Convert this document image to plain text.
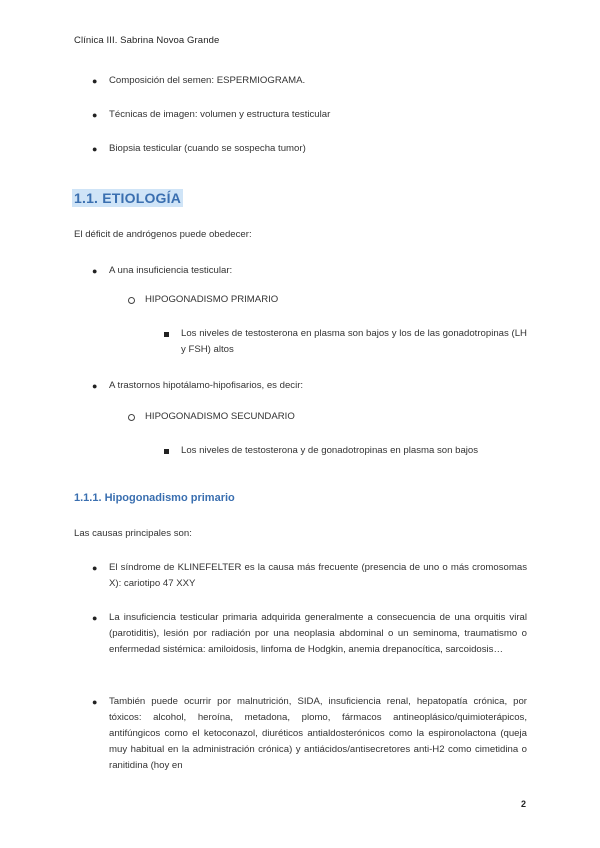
Clínica III. Sabrina Novoa Grande
● Composición del semen: ESPERMIOGRAMA.
● Técnicas de imagen: volumen y estructura testicular
● Biopsia testicular (cuando se sospecha tumor)
1.1. ETIOLOGÍA
El déficit de andrógenos puede obedecer:
● A una insuficiencia testicular:
HIPOGONADISMO PRIMARIO
Los niveles de testosterona en plasma son bajos y los de las gonadotropinas (LH y FSH) altos
● A trastornos hipotálamo-hipofisarios, es decir:
HIPOGONADISMO SECUNDARIO
Los niveles de testosterona y de gonadotropinas en plasma son bajos
1.1.1. Hipogonadismo primario
Las causas principales son:
● El síndrome de KLINEFELTER es la causa más frecuente (presencia de uno o más cromosomas X): cariotipo 47 XXY
● La insuficiencia testicular primaria adquirida generalmente a consecuencia de una orquitis viral (parotiditis), lesión por radiación por una neoplasia abdominal o un seminoma, traumatismo o enfermedad sistémica: amiloidosis, linfoma de Hodgkin, anemia drepanocítica, sarcoidosis…
● También puede ocurrir por malnutrición, SIDA, insuficiencia renal, hepatopatía crónica, por tóxicos: alcohol, heroína, metadona, plomo, fármacos antineoplásico/quimioterápicos, antifúngicos como el ketoconazol, diuréticos antialdosterónicos como la espironolactona (queja muy habitual en la administración crónica) y antiácidos/antisecretores anti-H2 como cimetidina o ranitidina (hoy en
2
